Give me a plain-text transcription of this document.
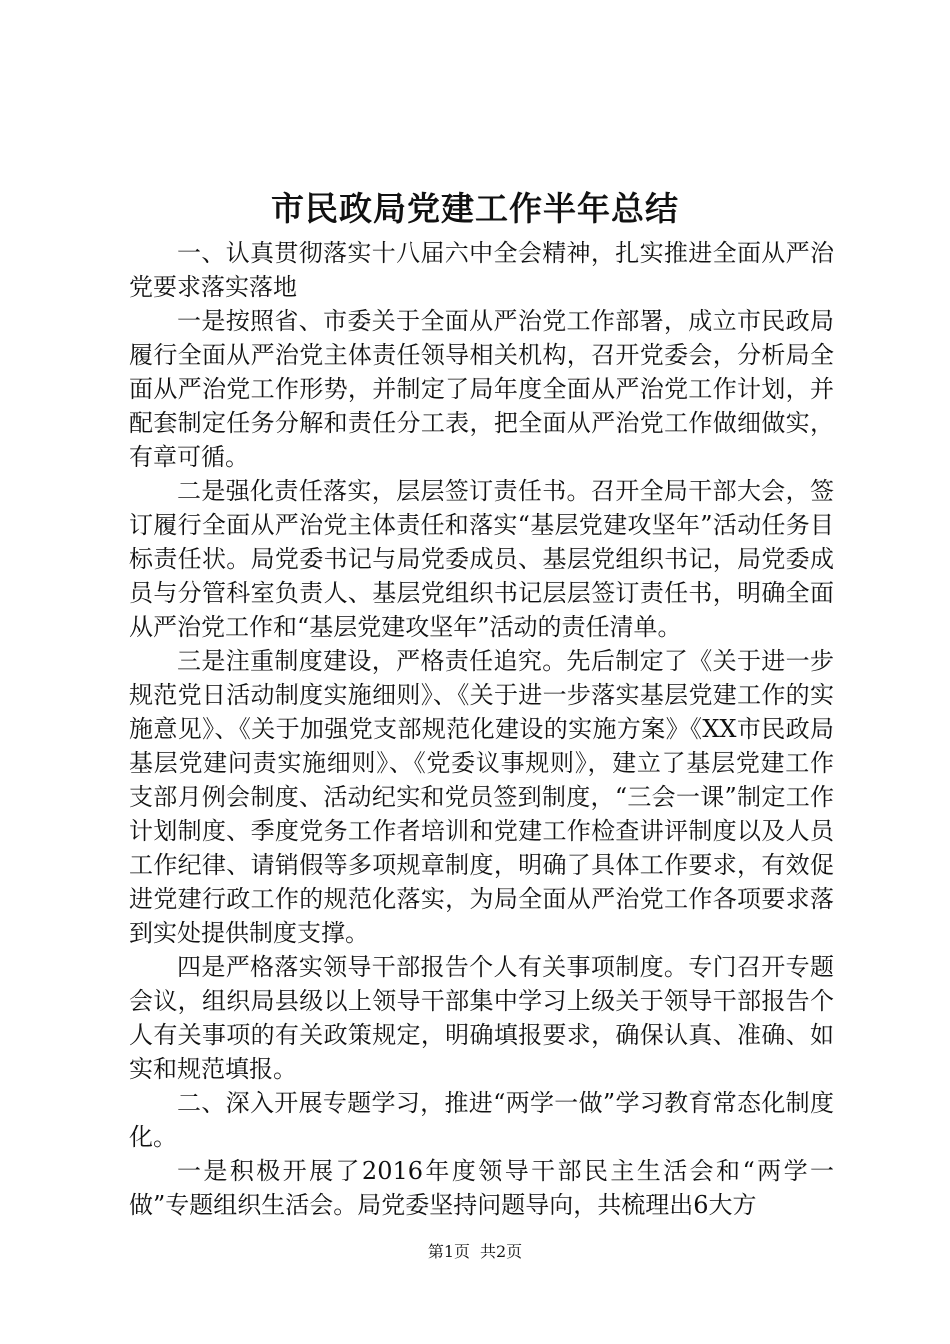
市民政局党建工作半年总结

一、认真贯彻落实十八届六中全会精神，扎实推进全面从严治党要求落实落地

一是按照省、市委关于全面从严治党工作部署，成立市民政局履行全面从严治党主体责任领导相关机构，召开党委会，分析局全面从严治党工作形势，并制定了局年度全面从严治党工作计划，并配套制定任务分解和责任分工表，把全面从严治党工作做细做实，有章可循。

二是强化责任落实，层层签订责任书。召开全局干部大会，签订履行全面从严治党主体责任和落实“基层党建攻坚年”活动任务目标责任状。局党委书记与局党委成员、基层党组织书记，局党委成员与分管科室负责人、基层党组织书记层层签订责任书，明确全面从严治党工作和“基层党建攻坚年”活动的责任清单。

三是注重制度建设，严格责任追究。先后制定了《关于进一步规范党日活动制度实施细则》、《关于进一步落实基层党建工作的实施意见》、《关于加强党支部规范化建设的实施方案》《XX市民政局基层党建问责实施细则》、《党委议事规则》，建立了基层党建工作支部月例会制度、活动纪实和党员签到制度，“三会一课”制定工作计划制度、季度党务工作者培训和党建工作检查讲评制度以及人员工作纪律、请销假等多项规章制度，明确了具体工作要求，有效促进党建行政工作的规范化落实，为局全面从严治党工作各项要求落到实处提供制度支撑。

四是严格落实领导干部报告个人有关事项制度。专门召开专题会议，组织局县级以上领导干部集中学习上级关于领导干部报告个人有关事项的有关政策规定，明确填报要求，确保认真、准确、如实和规范填报。

二、深入开展专题学习，推进“两学一做”学习教育常态化制度化。

一是积极开展了2016年度领导干部民主生活会和“两学一做”专题组织生活会。局党委坚持问题导向，共梳理出6大方

第1页 共2页
